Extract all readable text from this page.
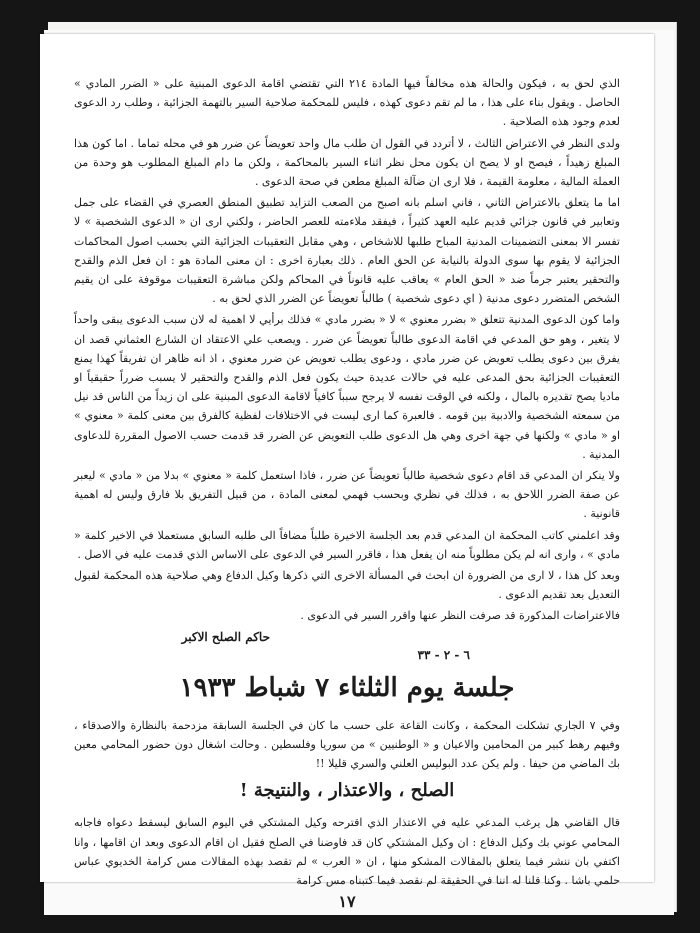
الذي لحق به ، فيكون والحالة هذه مخالفاً فيها المادة ٢١٤ التي تقتضي اقامة الدعوى المبنية على « الضرر المادي » الحاصل . ويقول بناء على هذا ، ما لم تقم دعوى كهذه ، فليس للمحكمة صلاحية السير بالتهمة الجزائية ، وطلب رد الدعوى لعدم وجود هذه الصلاحية .

ولدى النظر في الاعتراض الثالث ، لا أتردد في القول ان طلب مال واحد تعويضاً عن ضرر هو في محله تماما . اما كون هذا المبلغ زهيداً ، فيصح او لا يصح ان يكون محل نظر اثناء السير بالمحاكمة ، ولكن ما دام المبلغ المطلوب هو وحدة من العملة المالية ، معلومة القيمة ، فلا ارى ان ضآلة المبلغ مطعن في صحة الدعوى .

اما ما يتعلق بالاعتراض الثاني ، فاني اسلم بانه اصبح من الصعب التزايد تطبيق المنطق العصري في القضاء على جمل وتعابير في قانون جزائي قديم عليه العهد كثيراً ، فيفقد ملاءمته للعصر الحاضر ، ولكني ارى ان « الدعوى الشخصية » لا تفسر الا بمعنى التضمينات المدنية المباح طلبها للاشخاص ، وهي مقابل التعقيبات الجزائية التي بحسب اصول المحاكمات الجزائية لا يقوم بها سوى الدولة بالنيابة عن الحق العام . ذلك بعبارة اخرى : ان معنى المادة هو : ان فعل الذم والقدح والتحقير يعتبر جرماً ضد « الحق العام » يعاقب عليه قانوناً في المحاكم ولكن مباشرة التعقيبات موقوفة على ان يقيم الشخص المتضرر دعوى مدنية ( اي دعوى شخصية ) طالباً تعويضاً عن الضرر الذي لحق به .

واما كون الدعوى المدنية تتعلق « بضرر معنوي » لا « بضرر مادي » فذلك برأيي لا اهمية له لان سبب الدعوى يبقى واحداً لا يتغير ، وهو حق المدعي في اقامة الدعوى طالباً تعويضاً عن ضرر . ويصعب علي الاعتقاد ان الشارع العثماني قصد ان يفرق بين دعوى يطلب تعويض عن ضرر مادي ، ودعوى يطلب تعويض عن ضرر معنوي ، اذ انه ظاهر ان تفريقاً كهذا يمنع التعقيبات الجزائية بحق المدعى عليه في حالات عديدة حيث يكون فعل الذم والقدح والتحقير لا يسبب ضرراً حقيقياً او ماديا يصح تقديره بالمال ، ولكنه في الوقت نفسه لا يرجح سبباً كافياً لاقامة الدعوى المبنية على ان زيداً من الناس قد نيل من سمعته الشخصية والادبية بين قومه . فالعبرة كما ارى ليست في الاختلافات لفظية كالفرق بين معنى كلمة « معنوي » او « مادي » ولكنها في جهة اخرى وهي هل الدعوى طلب التعويض عن الضرر قد قدمت حسب الاصول المقررة للدعاوى المدنية .

ولا ينكر ان المدعي قد اقام دعوى شخصية طالباً تعويضاً عن ضرر ، فاذا استعمل كلمة « معنوي » بدلا من « مادي » ليعبر عن صفة الضرر اللاحق به ، فذلك في نظري وبحسب فهمي لمعنى المادة ، من قبيل التفريق بلا فارق وليس له اهمية قانونية .

وقد اعلمني كاتب المحكمة ان المدعي قدم بعد الجلسة الاخيرة طلباً مضافاً الى طلبه السابق مستعملا في الاخير كلمة « مادي » ، وارى انه لم يكن مطلوباً منه ان يفعل هذا ، فاقرر السير في الدعوى على الاساس الذي قدمت عليه في الاصل .

وبعد كل هذا ، لا ارى من الضرورة ان ابحث في المسألة الاخرى التي ذكرها وكيل الدفاع وهي صلاحية هذه المحكمة لقبول التعديل بعد تقديم الدعوى .

فالاعتراضات المذكورة قد صرفت النظر عنها واقرر السير في الدعوى .

حاكم الصلح الاكبر
٦ - ٢ - ٣٣
جلسة يوم الثلثاء ٧ شباط ١٩٣٣

وفي ٧ الجاري تشكلت المحكمة ، وكانت القاعة على حسب ما كان في الجلسة السابقة مزدحمة بالنظارة والاصدقاء ، وفيهم رهط كبير من المحامين والاعيان و « الوطنيين » من سوريا وفلسطين . وحالت اشغال دون حضور المحامي معين بك الماضي من حيفا . ولم يكن عدد البوليس العلني والسري قليلا !!

الصلح ، والاعتذار ، والنتيجة !

قال القاضي هل يرغب المدعي عليه في الاعتذار الذي اقترحه وكيل المشتكي في اليوم السابق ليسقط دعواه فاجابه المحامي عوني بك وكيل الدفاع : ان وكيل المشتكي كان قد فاوضنا في الصلح فقيل ان اقام الدعوى وبعد ان اقامها ، وانا اكتفي بان ننشر فيما يتعلق بالمقالات المشكو منها ، ان « العرب » لم تقصد بهذه المقالات مس كرامة الخديوي عباس حلمي باشا . وكنا قلنا له اننا في الحقيقة لم نقصد فيما كتبناه مس كرامة

١٧
